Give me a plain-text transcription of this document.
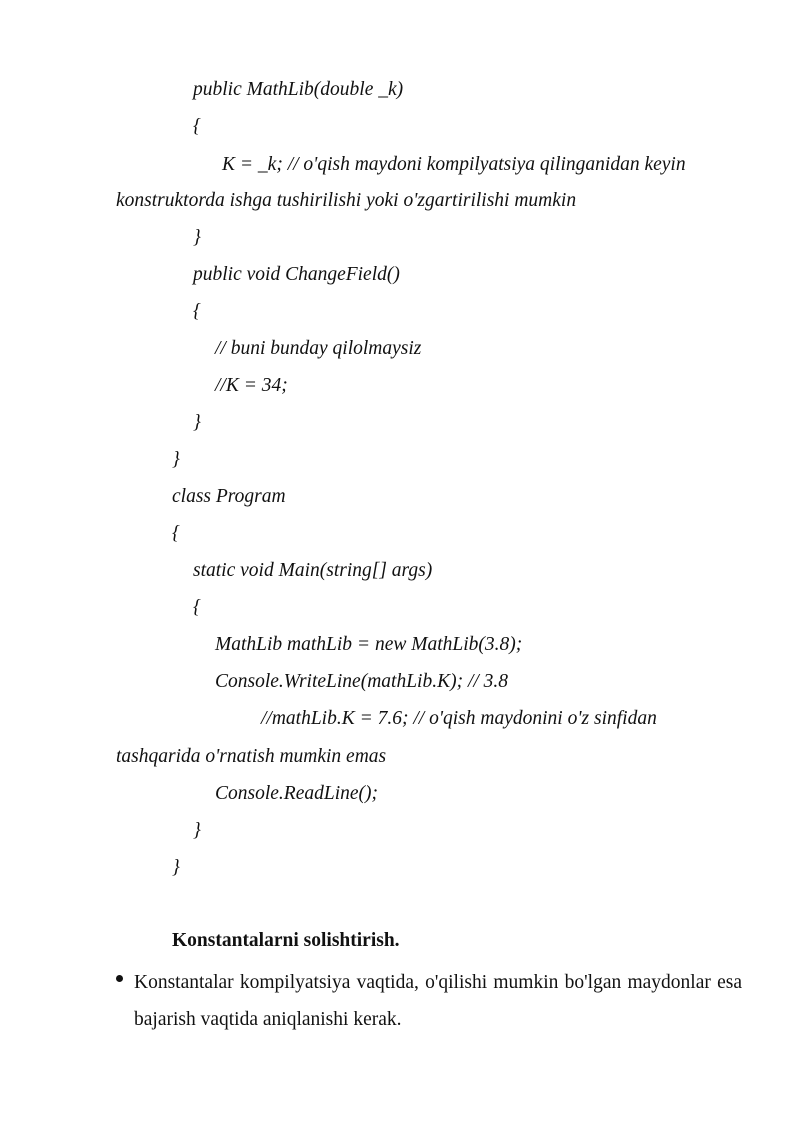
public MathLib(double _k)
{
K = _k; // o'qish maydoni kompilyatsiya qilinganidan keyin
konstruktorda ishga tushirilishi yoki o'zgartirilishi mumkin
}
public void ChangeField()
{
// buni bunday qilolmaysiz
//K = 34;
}
}
class Program
{
static void Main(string[] args)
{
MathLib mathLib = new MathLib(3.8);
Console.WriteLine(mathLib.K); // 3.8
//mathLib.K = 7.6; // o'qish maydonini o'z sinfidan
tashqarida o'rnatish mumkin emas
Console.ReadLine();
}
}
Konstantalarni solishtirish.
Konstantalar kompilyatsiya vaqtida, o'qilishi mumkin bo'lgan maydonlar esa bajarish vaqtida aniqlanishi kerak.
